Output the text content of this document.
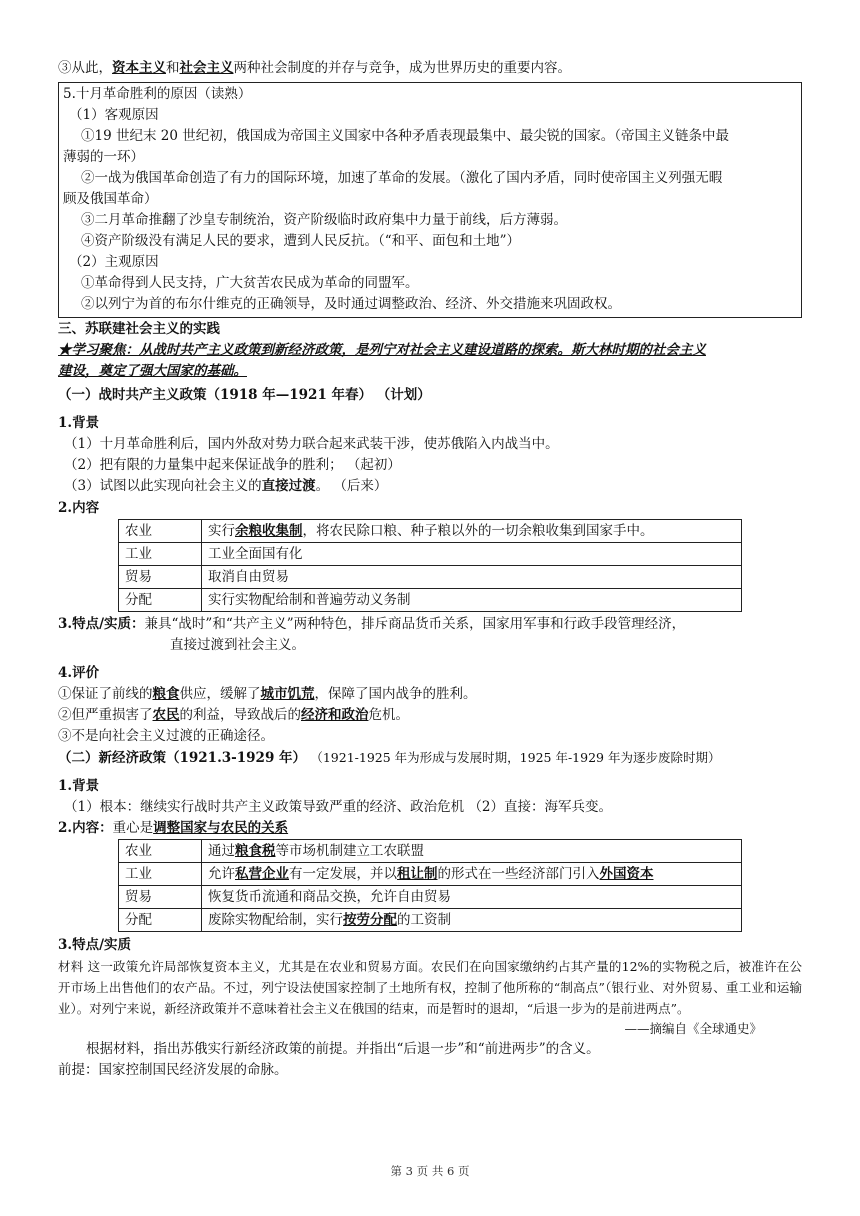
③从此，资本主义和社会主义两种社会制度的并存与竞争，成为世界历史的重要内容。
5.十月革命胜利的原因（读熟）
（1）客观原因
①19 世纪末 20 世纪初，俄国成为帝国主义国家中各种矛盾表现最集中、最尖锐的国家。（帝国主义链条中最
薄弱的一环）
②一战为俄国革命创造了有力的国际环境，加速了革命的发展。（激化了国内矛盾，同时使帝国主义列强无暇
顾及俄国革命）
③二月革命推翻了沙皇专制统治，资产阶级临时政府集中力量于前线，后方薄弱。
④资产阶级没有满足人民的要求，遭到人民反抗。（“和平、面包和土地”）
（2）主观原因
①革命得到人民支持，广大贫苦农民成为革命的同盟军。
②以列宁为首的布尔什维克的正确领导，及时通过调整政治、经济、外交措施来巩固政权。
三、苏联建社会主义的实践
★学习聚焦：从战时共产主义政策到新经济政策，是列宁对社会主义建设道路的探索。斯大林时期的社会主义
建设，奠定了强大国家的基础。
（一）战时共产主义政策（1918 年—1921 年春） （计划）
1.背景
（1）十月革命胜利后，国内外敌对势力联合起来武装干涉，使苏俄陷入内战当中。
（2）把有限的力量集中起来保证战争的胜利； （起初）
（3）试图以此实现向社会主义的直接过渡。 （后来）
2.内容
农业	实行余粮收集制，将农民除口粮、种子粮以外的一切余粮收集到国家手中。
工业	工业全面国有化
贸易	取消自由贸易
分配	实行实物配给制和普遍劳动义务制
3.特点/实质：兼具“战时”和“共产主义”两种特色，排斥商品货币关系，国家用军事和行政手段管理经济，
直接过渡到社会主义。
4.评价
①保证了前线的粮食供应，缓解了城市饥荒，保障了国内战争的胜利。
②但严重损害了农民的利益，导致战后的经济和政治危机。
③不是向社会主义过渡的正确途径。
（二）新经济政策（1921.3-1929 年） （1921-1925 年为形成与发展时期，1925 年-1929 年为逐步废除时期）
1.背景
（1）根本：继续实行战时共产主义政策导致严重的经济、政治危机 （2）直接：海军兵变。
2.内容：重心是调整国家与农民的关系
农业	通过粮食税等市场机制建立工农联盟
工业	允许私营企业有一定发展，并以租让制的形式在一些经济部门引入外国资本
贸易	恢复货币流通和商品交换，允许自由贸易
分配	废除实物配给制，实行按劳分配的工资制
3.特点/实质
材料 这一政策允许局部恢复资本主义，尤其是在农业和贸易方面。农民们在向国家缴纳约占其产量的12%的实物税之后，被准许在公开市场上出售他们的农产品。不过，列宁设法使国家控制了土地所有权，控制了他所称的“制高点”（银行业、对外贸易、重工业和运输业）。对列宁来说，新经济政策并不意味着社会主义在俄国的结束，而是暂时的退却，“后退一步为的是前进两点”。
——摘编自《全球通史》
根据材料，指出苏俄实行新经济政策的前提。并指出“后退一步”和“前进两步”的含义。
前提：国家控制国民经济发展的命脉。
第 3 页 共 6 页
